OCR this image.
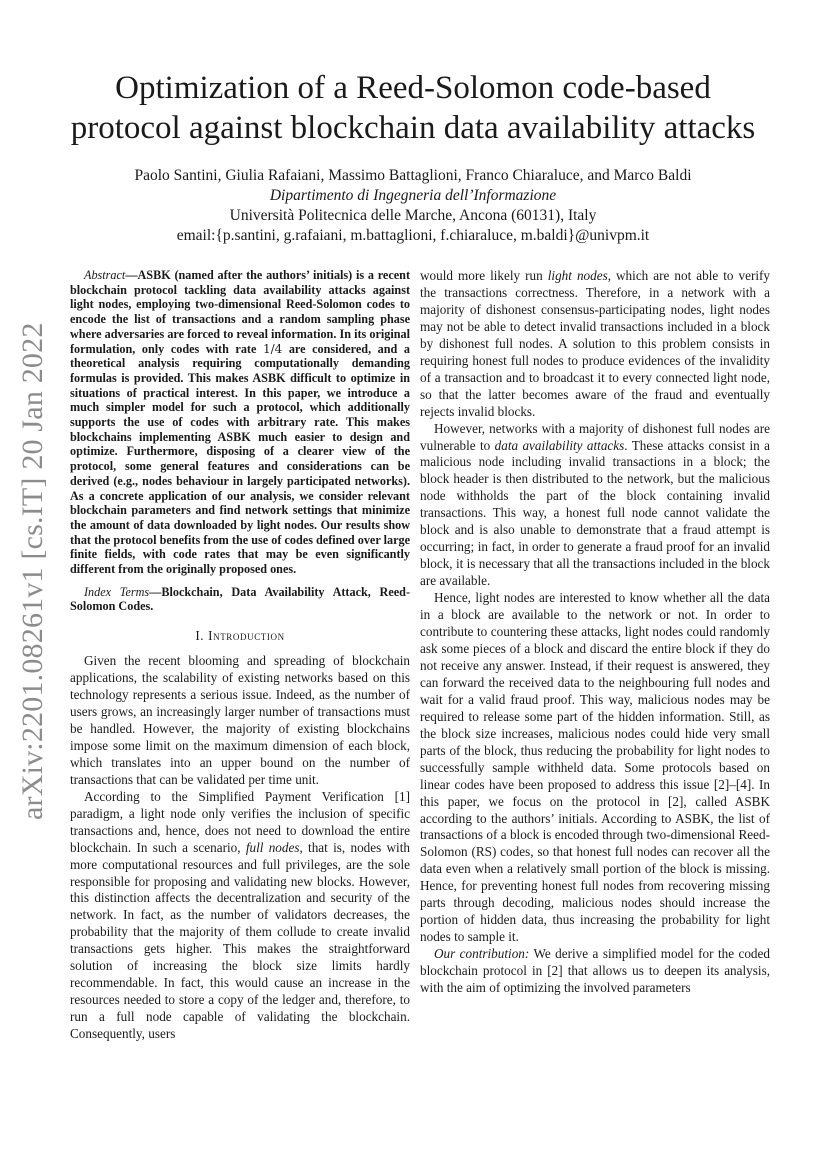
arXiv:2201.08261v1 [cs.IT] 20 Jan 2022
Optimization of a Reed-Solomon code-based
protocol against blockchain data availability attacks
Paolo Santini, Giulia Rafaiani, Massimo Battaglioni, Franco Chiaraluce, and Marco Baldi
Dipartimento di Ingegneria dell’Informazione
Università Politecnica delle Marche, Ancona (60131), Italy
email:{p.santini, g.rafaiani, m.battaglioni, f.chiaraluce, m.baldi}@univpm.it

Abstract—ASBK (named after the authors’ initials) is a recent blockchain protocol tackling data availability attacks against light nodes, employing two-dimensional Reed-Solomon codes to encode the list of transactions and a random sampling phase where adversaries are forced to reveal information. In its original formulation, only codes with rate 1/4 are considered, and a theoretical analysis requiring computationally demanding formulas is provided. This makes ASBK difficult to optimize in situations of practical interest. In this paper, we introduce a much simpler model for such a protocol, which additionally supports the use of codes with arbitrary rate. This makes blockchains implementing ASBK much easier to design and optimize. Furthermore, disposing of a clearer view of the protocol, some general features and considerations can be derived (e.g., nodes behaviour in largely participated networks). As a concrete application of our analysis, we consider relevant blockchain parameters and find network settings that minimize the amount of data downloaded by light nodes. Our results show that the protocol benefits from the use of codes defined over large finite fields, with code rates that may be even significantly different from the originally proposed ones.

Index Terms—Blockchain, Data Availability Attack, Reed-Solomon Codes.

I. Introduction

Given the recent blooming and spreading of blockchain applications, the scalability of existing networks based on this technology represents a serious issue. Indeed, as the number of users grows, an increasingly larger number of transactions must be handled. However, the majority of existing blockchains impose some limit on the maximum dimension of each block, which translates into an upper bound on the number of transactions that can be validated per time unit.

According to the Simplified Payment Verification [1] paradigm, a light node only verifies the inclusion of specific transactions and, hence, does not need to download the entire blockchain. In such a scenario, full nodes, that is, nodes with more computational resources and full privileges, are the sole responsible for proposing and validating new blocks. However, this distinction affects the decentralization and security of the network. In fact, as the number of validators decreases, the probability that the majority of them collude to create invalid transactions gets higher. This makes the straightforward solution of increasing the block size limits hardly recommendable. In fact, this would cause an increase in the resources needed to store a copy of the ledger and, therefore, to run a full node capable of validating the blockchain. Consequently, users

would more likely run light nodes, which are not able to verify the transactions correctness. Therefore, in a network with a majority of dishonest consensus-participating nodes, light nodes may not be able to detect invalid transactions included in a block by dishonest full nodes. A solution to this problem consists in requiring honest full nodes to produce evidences of the invalidity of a transaction and to broadcast it to every connected light node, so that the latter becomes aware of the fraud and eventually rejects invalid blocks.

However, networks with a majority of dishonest full nodes are vulnerable to data availability attacks. These attacks consist in a malicious node including invalid transactions in a block; the block header is then distributed to the network, but the malicious node withholds the part of the block containing invalid transactions. This way, a honest full node cannot validate the block and is also unable to demonstrate that a fraud attempt is occurring; in fact, in order to generate a fraud proof for an invalid block, it is necessary that all the transactions included in the block are available.

Hence, light nodes are interested to know whether all the data in a block are available to the network or not. In order to contribute to countering these attacks, light nodes could randomly ask some pieces of a block and discard the entire block if they do not receive any answer. Instead, if their request is answered, they can forward the received data to the neighbouring full nodes and wait for a valid fraud proof. This way, malicious nodes may be required to release some part of the hidden information. Still, as the block size increases, malicious nodes could hide very small parts of the block, thus reducing the probability for light nodes to successfully sample withheld data. Some protocols based on linear codes have been proposed to address this issue [2]–[4]. In this paper, we focus on the protocol in [2], called ASBK according to the authors’ initials. According to ASBK, the list of transactions of a block is encoded through two-dimensional Reed-Solomon (RS) codes, so that honest full nodes can recover all the data even when a relatively small portion of the block is missing. Hence, for preventing honest full nodes from recovering missing parts through decoding, malicious nodes should increase the portion of hidden data, thus increasing the probability for light nodes to sample it.

Our contribution: We derive a simplified model for the coded blockchain protocol in [2] that allows us to deepen its analysis, with the aim of optimizing the involved parameters
